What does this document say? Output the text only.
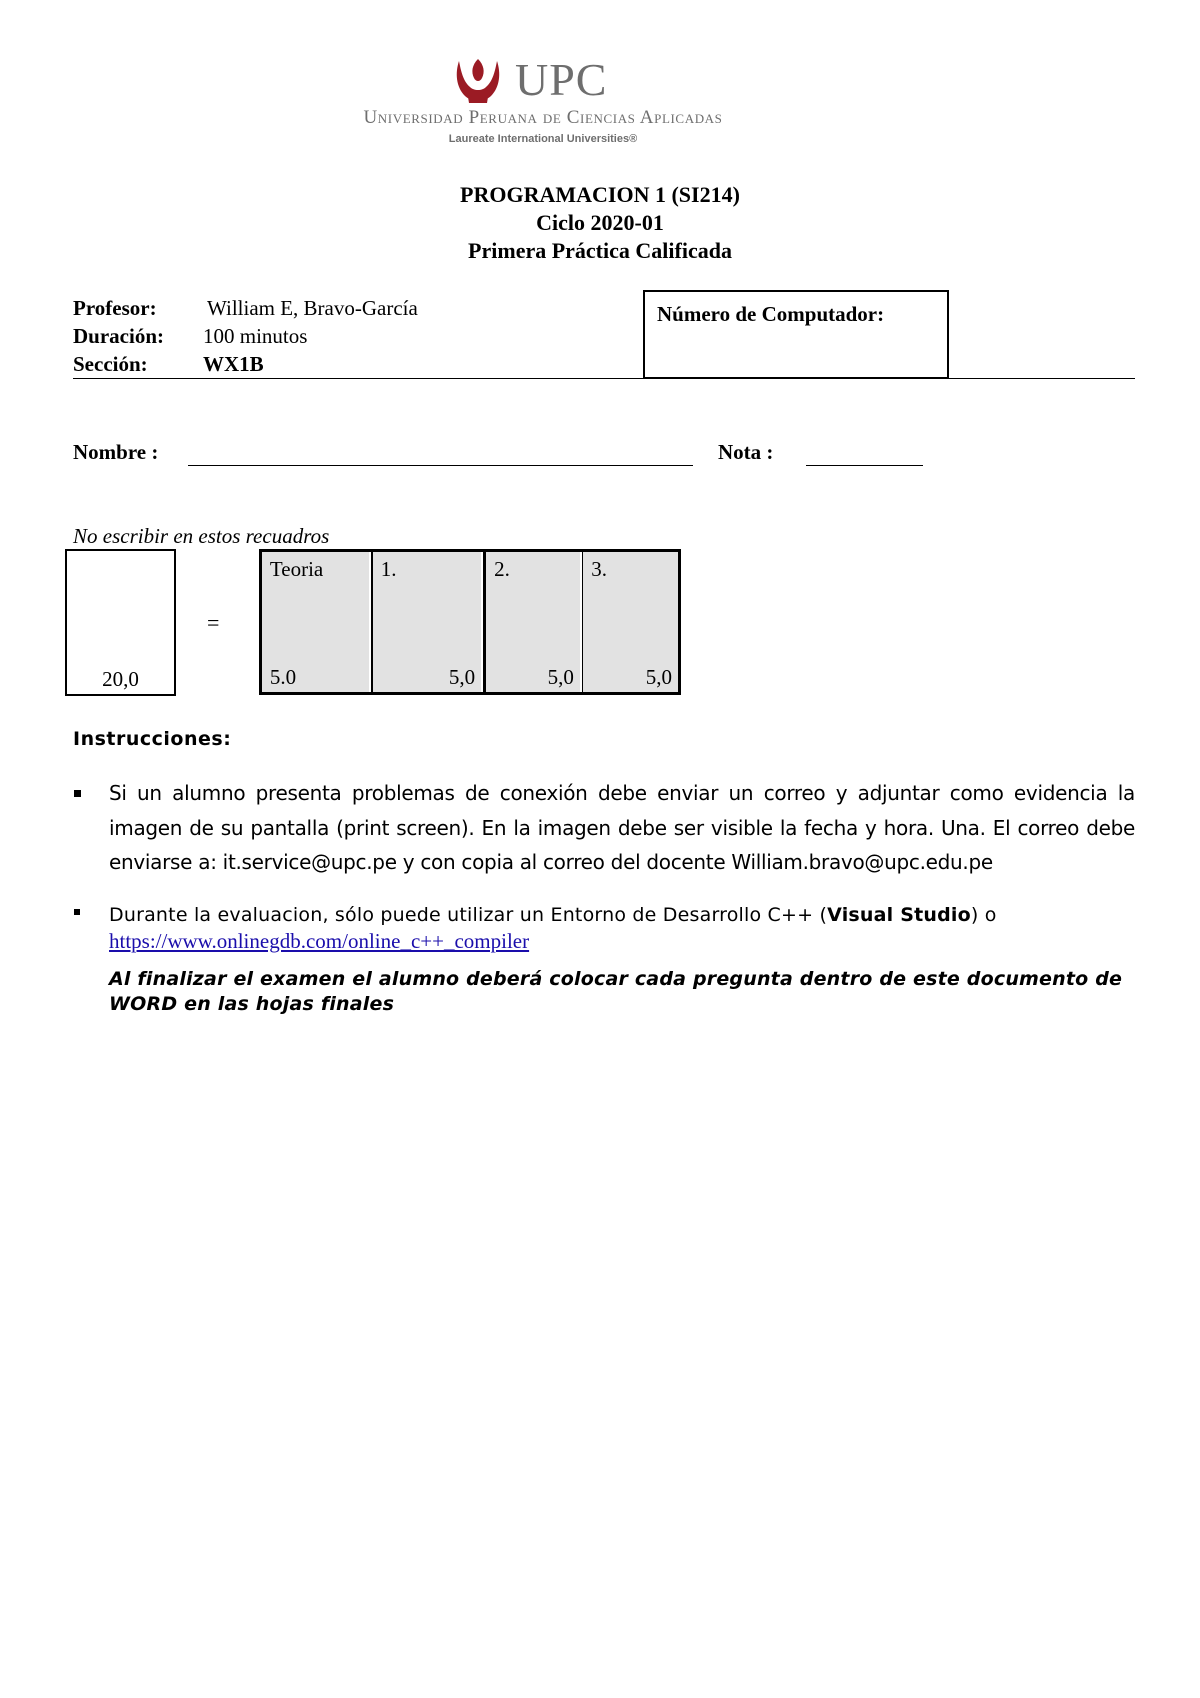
UPC
Universidad Peruana de Ciencias Aplicadas
Laureate International Universities®
PROGRAMACION 1 (SI214)
Ciclo 2020-01
Primera Práctica Calificada
Profesor: William E, Bravo-García
Duración: 100 minutos
Sección:	WX1B
Número de Computador:
Nombre :	Nota :
No escribir en estos recuadros
20,0
=
Teoria
5.0
1.
5,0
2.
5,0
3.
5,0
Instrucciones:
Si un alumno presenta problemas de conexión debe enviar un correo y adjuntar como evidencia la imagen de su pantalla (print screen). En la imagen debe ser visible la fecha y hora. Una. El correo debe enviarse a: it.service@upc.pe y con copia al correo del docente William.bravo@upc.edu.pe
Durante la evaluacion, sólo puede utilizar un Entorno de Desarrollo C++ (Visual Studio) o
https://www.onlinegdb.com/online_c++_compiler
Al finalizar el examen el alumno deberá colocar cada pregunta dentro de este documento de WORD en las hojas finales
